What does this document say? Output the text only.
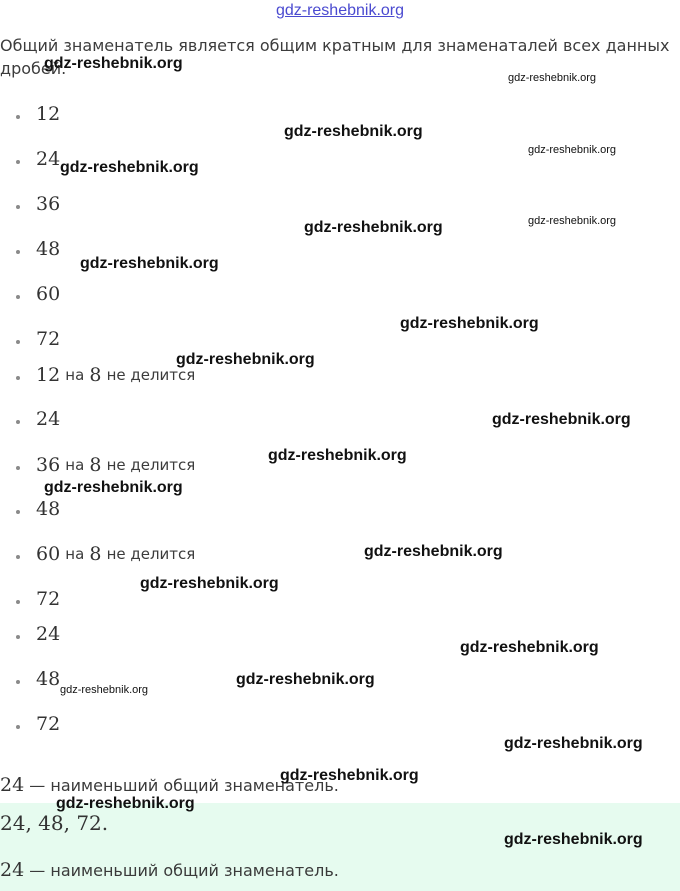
gdz-reshebnik.org
Общий знаменатель является общим кратным для знаменаталей всех данных дробей.
12
24
36
48
60
72
12
на
8
не делится
24
36
на
8
не делится
48
60
на
8
не делится
72
24
48
72
24 — наименьший общий знаменатель.
24, 48, 72.
24 — наименьший общий знаменатель.
gdz-reshebnik.org
gdz-reshebnik.org
gdz-reshebnik.org
gdz-reshebnik.org
gdz-reshebnik.org
gdz-reshebnik.org
gdz-reshebnik.org
gdz-reshebnik.org
gdz-reshebnik.org
gdz-reshebnik.org
gdz-reshebnik.org
gdz-reshebnik.org
gdz-reshebnik.org
gdz-reshebnik.org
gdz-reshebnik.org
gdz-reshebnik.org
gdz-reshebnik.org
gdz-reshebnik.org
gdz-reshebnik.org
gdz-reshebnik.org
gdz-reshebnik.org
gdz-reshebnik.org
